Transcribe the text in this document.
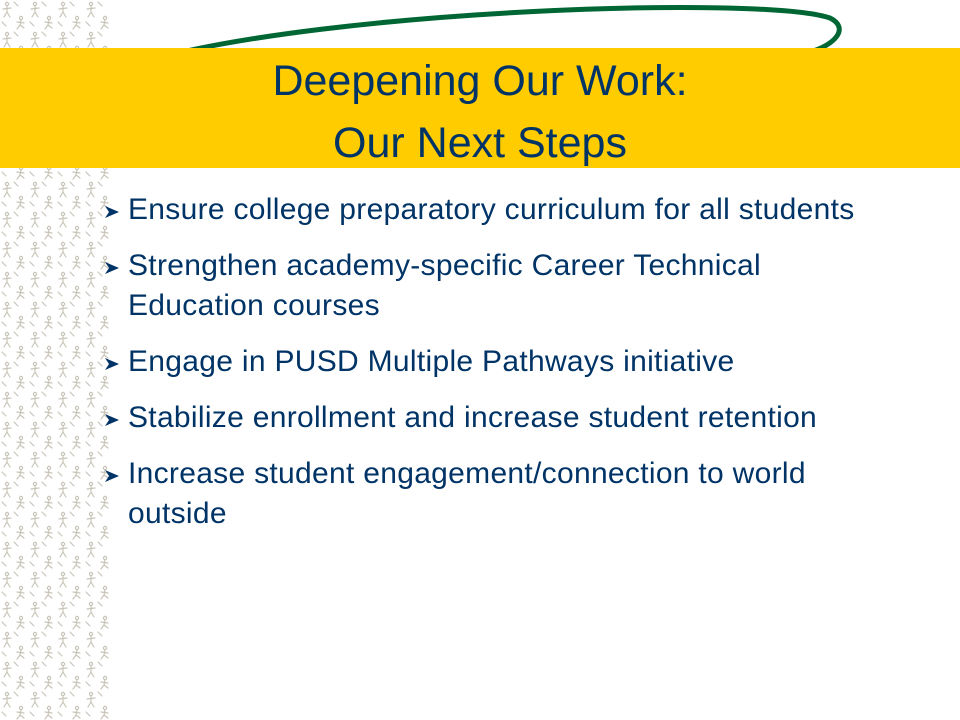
Deepening Our Work:
Our Next Steps
Ensure college preparatory curriculum for all students
Strengthen academy-specific Career Technical Education courses
Engage in PUSD Multiple Pathways initiative
Stabilize enrollment and increase student retention
Increase student engagement/connection to world outside
